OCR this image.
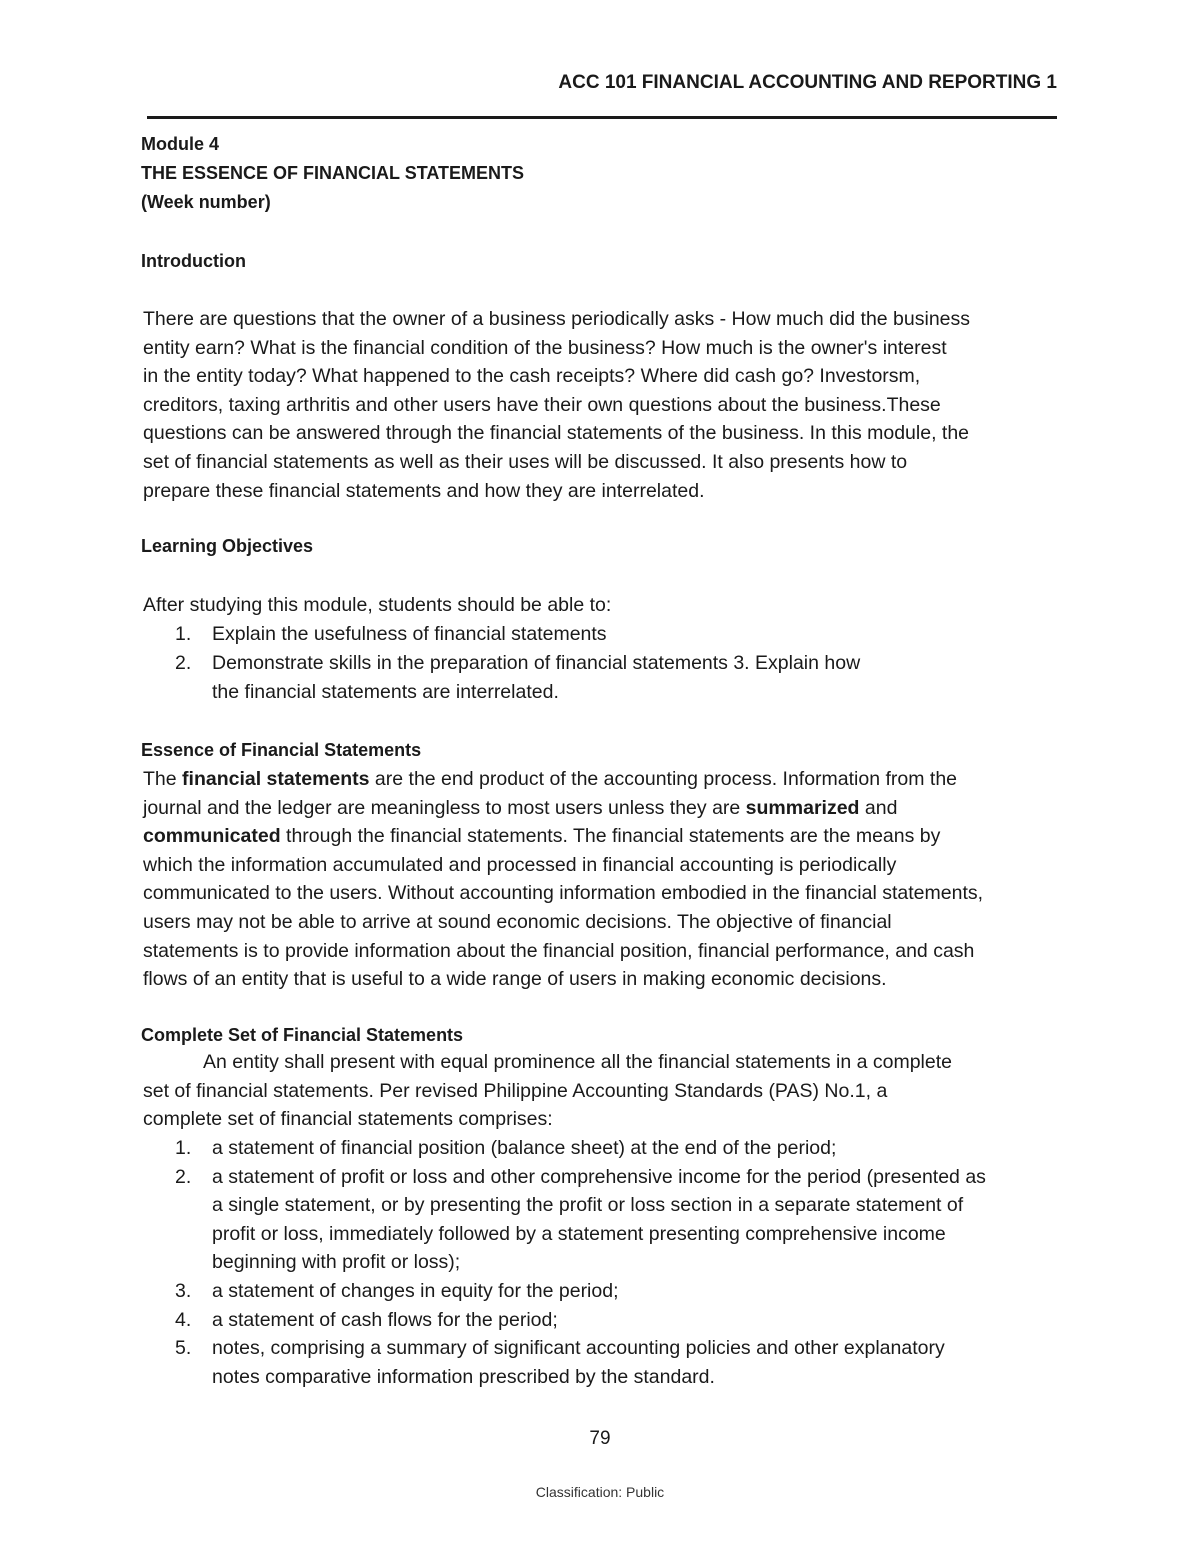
ACC 101 FINANCIAL ACCOUNTING AND REPORTING 1
Module 4
THE ESSENCE OF FINANCIAL STATEMENTS
(Week number)
Introduction
There are questions that the owner of a business periodically asks - How much did the business
entity earn? What is the financial condition of the business? How much is the owner's interest
in the entity today? What happened to the cash receipts? Where did cash go? Investorsm,
creditors, taxing arthritis and other users have their own questions about the business.These
questions can be answered through the financial statements of the business. In this module, the
set of financial statements as well as their uses will be discussed. It also presents how to
prepare these financial statements and how they are interrelated.
Learning Objectives
After studying this module, students should be able to:
1.	Explain the usefulness of financial statements
2.	Demonstrate skills in the preparation of financial statements 3. Explain how
the financial statements are interrelated.
Essence of Financial Statements
The financial statements are the end product of the accounting process. Information from the
journal and the ledger are meaningless to most users unless they are summarized and
communicated through the financial statements. The financial statements are the means by
which the information accumulated and processed in financial accounting is periodically
communicated to the users. Without accounting information embodied in the financial statements,
users may not be able to arrive at sound economic decisions. The objective of financial
statements is to provide information about the financial position, financial performance, and cash
flows of an entity that is useful to a wide range of users in making economic decisions.
Complete Set of Financial Statements
An entity shall present with equal prominence all the financial statements in a complete
set of financial statements. Per revised Philippine Accounting Standards (PAS) No.1, a
complete set of financial statements comprises:
1.	a statement of financial position (balance sheet) at the end of the period;
2.	a statement of profit or loss and other comprehensive income for the period (presented as
a single statement, or by presenting the profit or loss section in a separate statement of
profit or loss, immediately followed by a statement presenting comprehensive income
beginning with profit or loss);
3.	a statement of changes in equity for the period;
4.	a statement of cash flows for the period;
5.	notes, comprising a summary of significant accounting policies and other explanatory
notes comparative information prescribed by the standard.
79
Classification: Public
